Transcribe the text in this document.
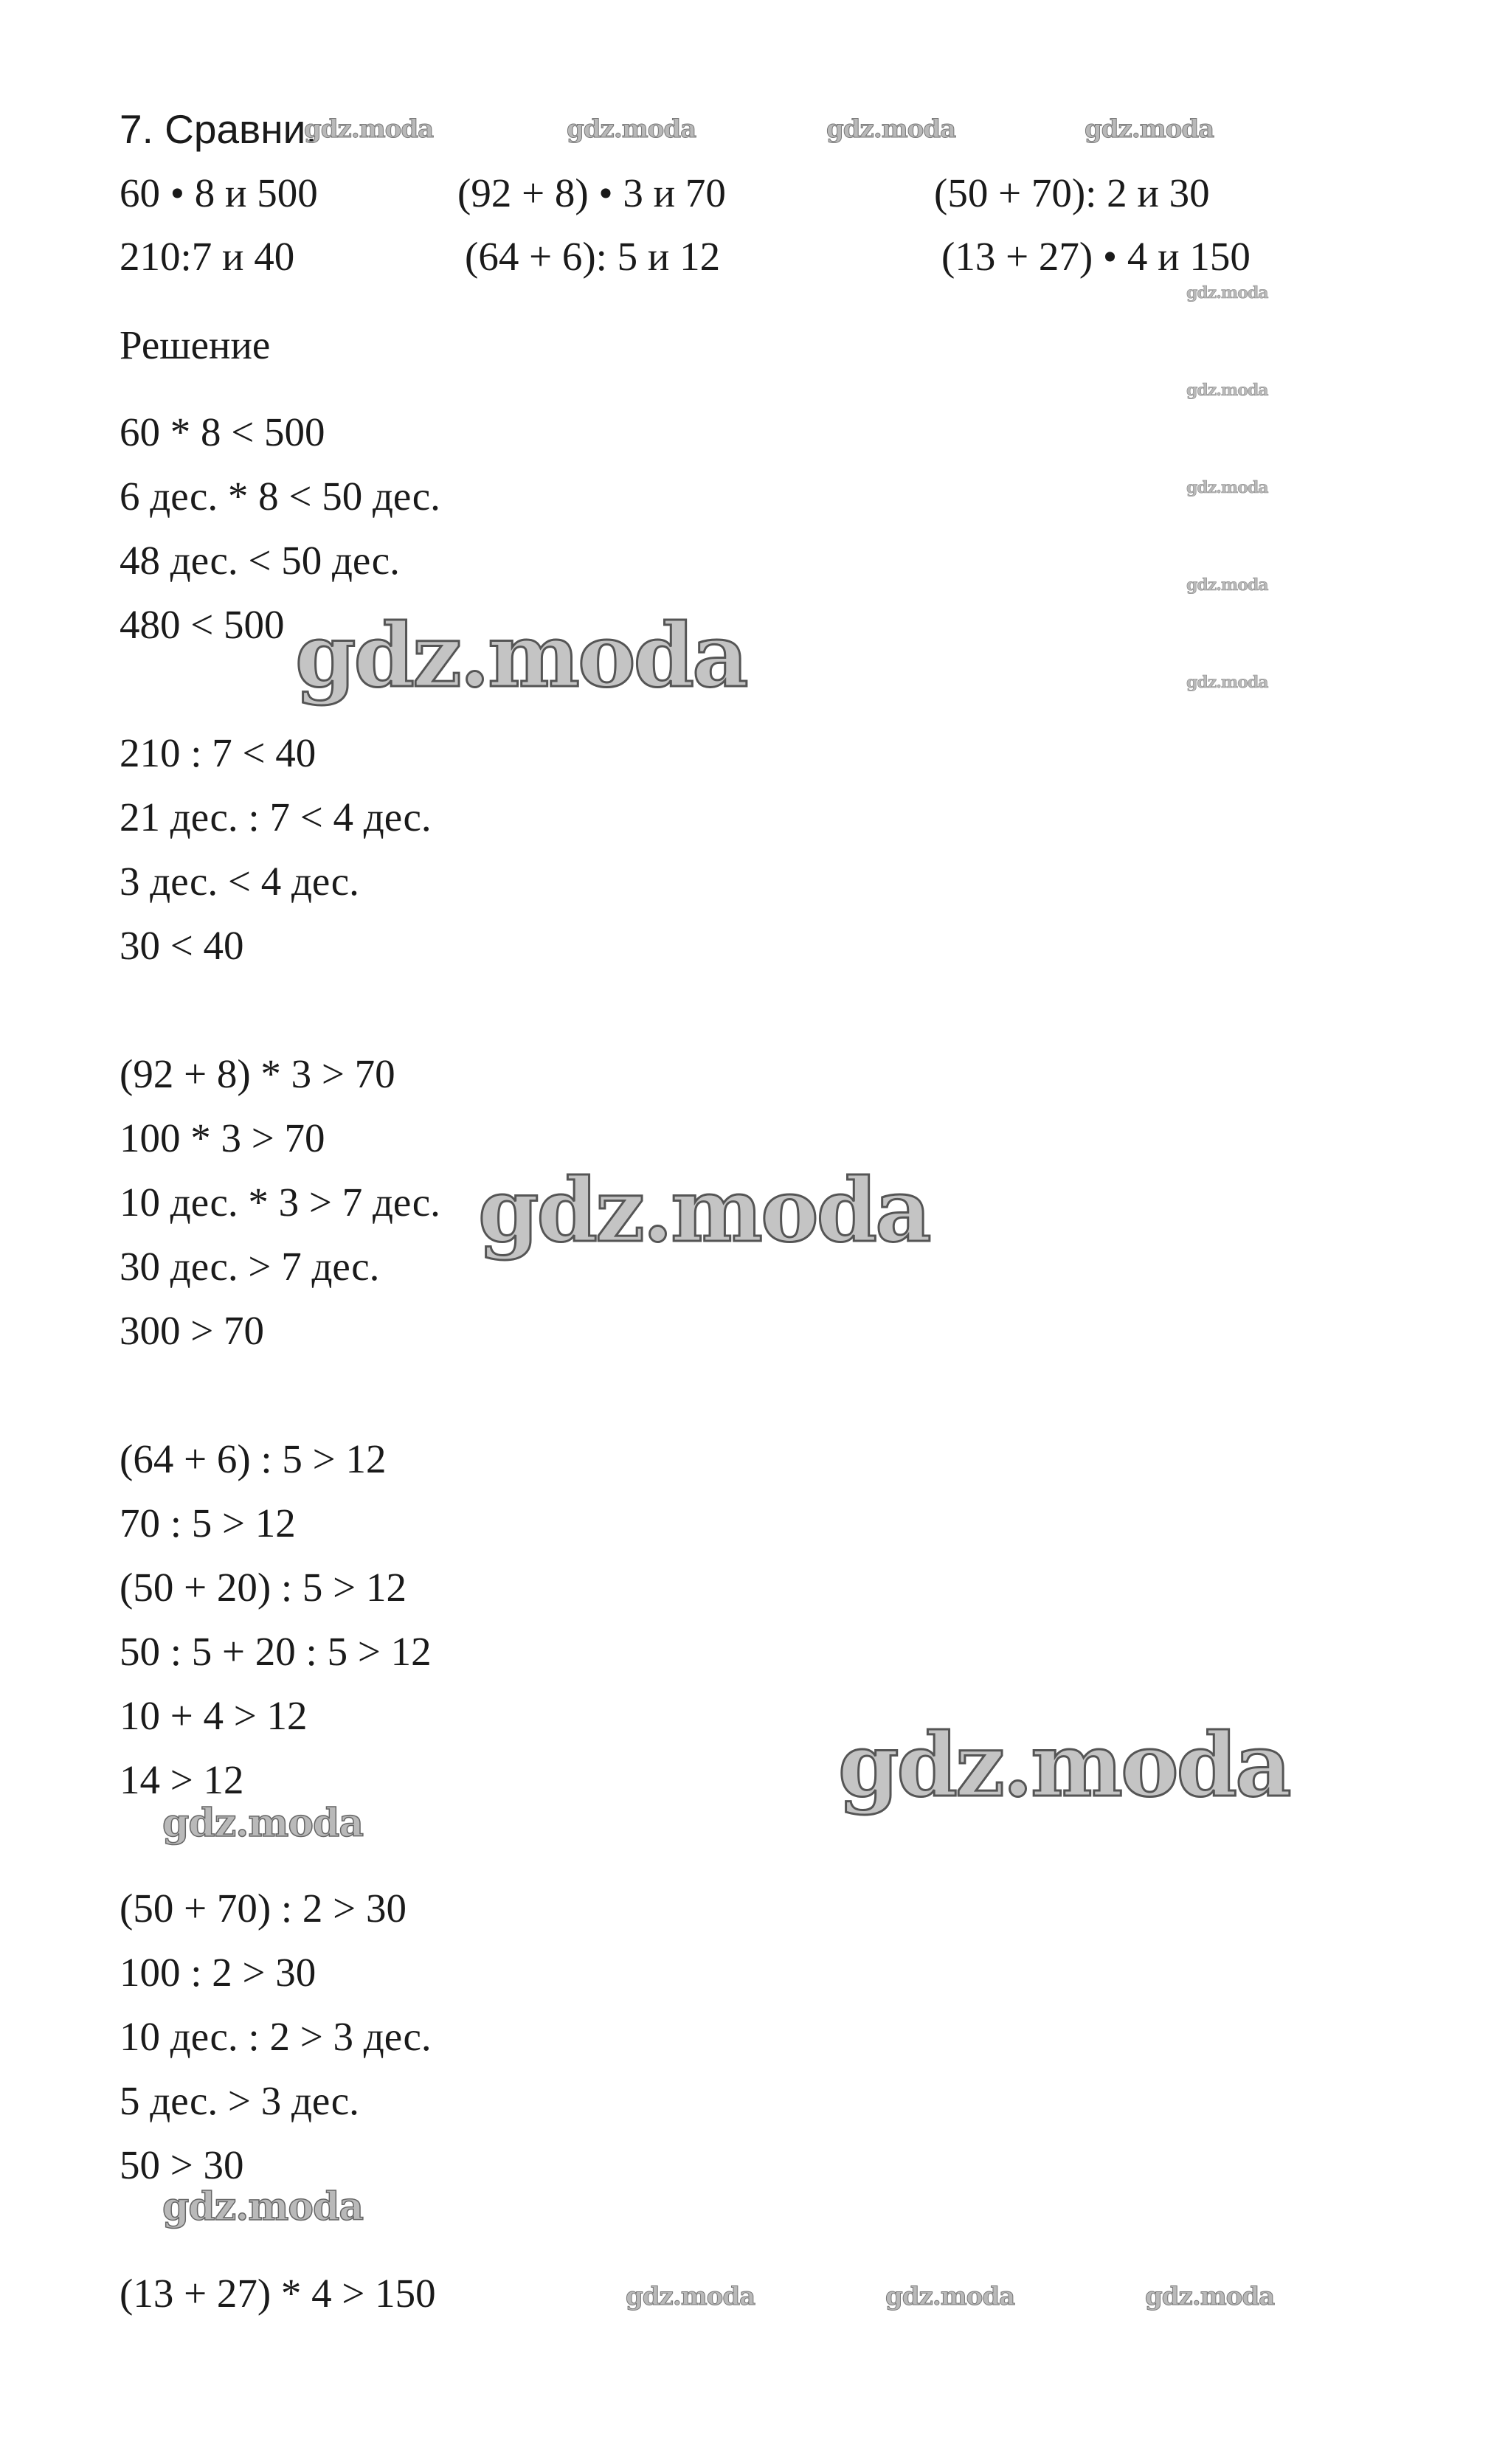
7. Сравни.
60 • 8 и 500	(92 + 8) • 3 и 70	(50 + 70): 2 и 30
210:7 и 40	(64 + 6): 5 и 12	(13 + 27) • 4 и 150
Решение
60 * 8 < 500
6 дес. * 8 < 50 дес.
48 дес. < 50 дес.
480 < 500
210 : 7 < 40
21 дес. : 7 < 4 дес.
3 дес. < 4 дес.
30 < 40
(92 + 8) * 3 > 70
100 * 3 > 70
10 дес. * 3 > 7 дес.
30 дес. > 7 дес.
300 > 70
(64 + 6) : 5 > 12
70 : 5 > 12
(50 + 20) : 5 > 12
50 : 5 + 20 : 5 > 12
10 + 4 > 12
14 > 12
(50 + 70) : 2 > 30
100 : 2 > 30
10 дес. : 2 > 3 дес.
5 дес. > 3 дес.
50 > 30
(13 + 27) * 4 > 150
gdz.moda	gdz.moda	gdz.moda	gdz.moda
gdz.moda
gdz.moda
gdz.moda
gdz.moda
gdz.moda
gdz.moda
gdz.moda
gdz.moda
gdz.moda
gdz.moda
gdz.moda	gdz.moda	gdz.moda
